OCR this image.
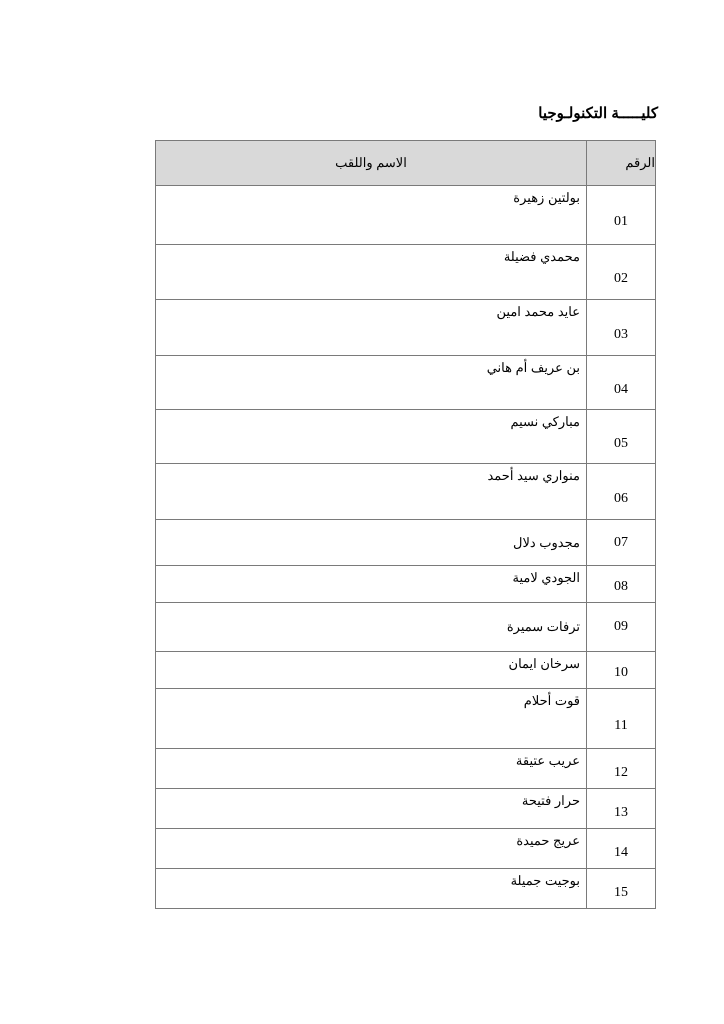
كليـــــة التكنولـوجيا
الرقم	الاسم واللقب
01	بولتين زهيرة
02	محمدي فضيلة
03	عايد محمد امين
04	بن عريف أم هاني
05	مباركي نسيم
06	منواري سيد أحمد
07	مجدوب دلال
08	الجودي لامية
09	ترفات سميرة
10	سرخان ايمان
11	قوت أحلام
12	عريب عتيقة
13	حرار فتيحة
14	عريج حميدة
15	بوجيت جميلة
